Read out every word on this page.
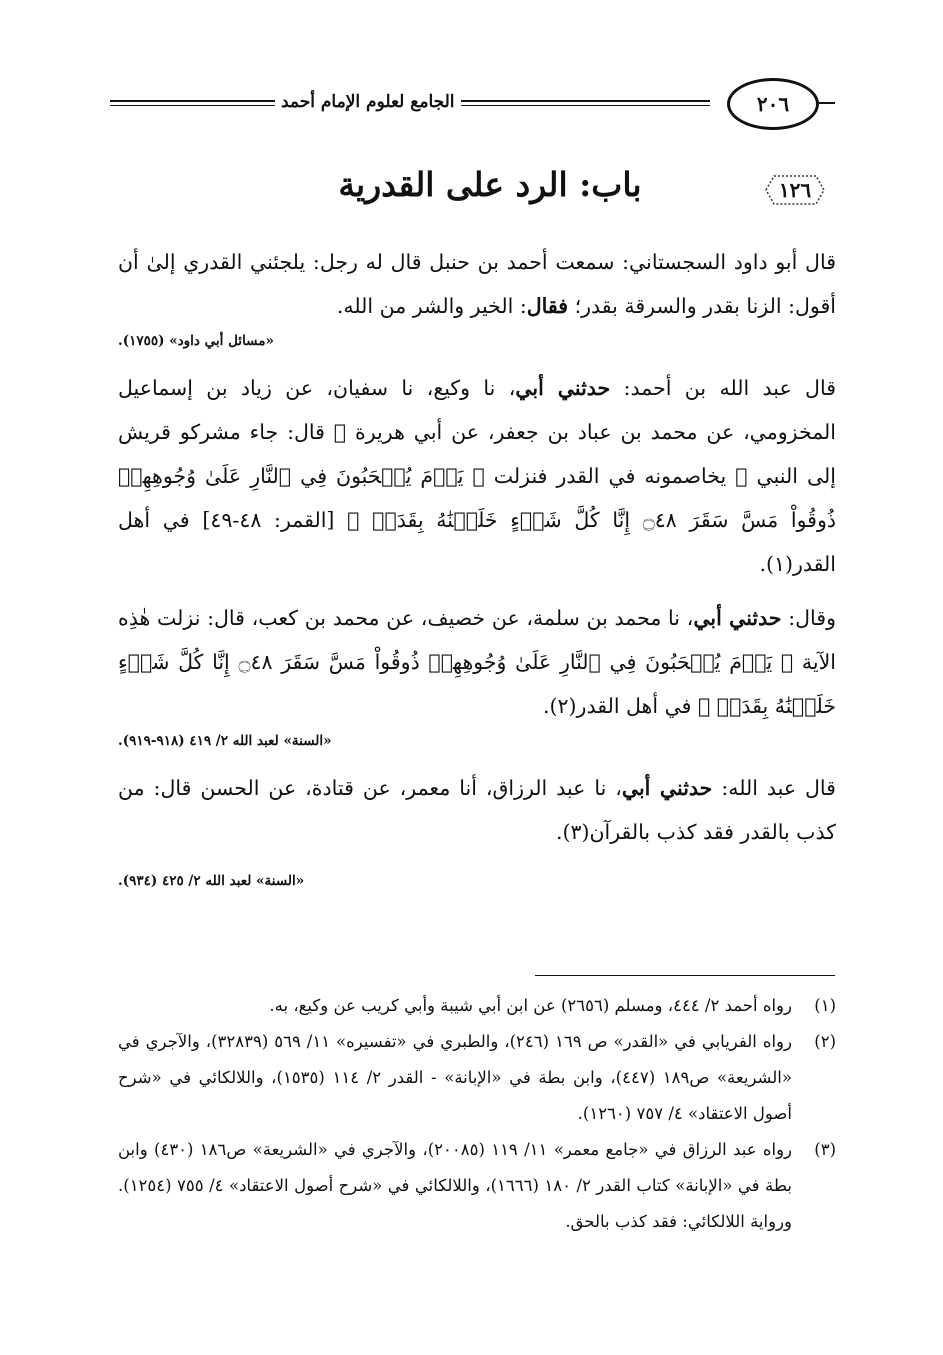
الجامع لعلوم الإمام أحمد	٢٠٦
١٢٦
باب: الرد على القدرية

قال أبو داود السجستاني: سمعت أحمد بن حنبل قال له رجل: يلجئني القدري إلىٰ أن أقول: الزنا بقدر والسرقة بقدر؛ فقال: الخير والشر من الله.

«مسائل أبي داود» (١٧٥٥).

قال عبد الله بن أحمد: حدثني أبي، نا وكيع، نا سفيان، عن زياد بن إسماعيل المخزومي، عن محمد بن عباد بن جعفر، عن أبي هريرة ﷺ قال: جاء مشركو قريش إلى النبي ﷺ يخاصمونه في القدر فنزلت ﴿ يَوۡمَ يُسۡحَبُونَ فِي ٱلنَّارِ عَلَىٰ وُجُوهِهِمۡ ذُوقُواْ مَسَّ سَقَرَ ۝٤٨ إِنَّا كُلَّ شَيۡءٍ خَلَقۡنَٰهُ بِقَدَرٖ ﴾ [القمر: ٤٨-٤٩] في أهل القدر(١).

وقال: حدثني أبي، نا محمد بن سلمة، عن خصيف، عن محمد بن كعب، قال: نزلت هٰذِه الآية ﴿ يَوۡمَ يُسۡحَبُونَ فِي ٱلنَّارِ عَلَىٰ وُجُوهِهِمۡ ذُوقُواْ مَسَّ سَقَرَ ۝٤٨ إِنَّا كُلَّ شَيۡءٍ خَلَقۡنَٰهُ بِقَدَرٖ ﴾ في أهل القدر(٢).

«السنة» لعبد الله ٢/ ٤١٩ (٩١٨-٩١٩).

قال عبد الله: حدثني أبي، نا عبد الرزاق، أنا معمر، عن قتادة، عن الحسن قال: من كذب بالقدر فقد كذب بالقرآن(٣).

«السنة» لعبد الله ٢/ ٤٢٥ (٩٣٤).

(١)
رواه أحمد ٢/ ٤٤٤، ومسلم (٢٦٥٦) عن ابن أبي شيبة وأبي كريب عن وكيع، به.

(٢)
رواه الفريابي في «القدر» ص ١٦٩ (٢٤٦)، والطبري في «تفسيره» ١١/ ٥٦٩ (٣٢٨٣٩)، والآجري في «الشريعة» ص١٨٩ (٤٤٧)، وابن بطة في «الإبانة» - القدر ٢/ ١١٤ (١٥٣٥)، واللالكائي في «شرح أصول الاعتقاد» ٤/ ٧٥٧ (١٢٦٠).

(٣)
رواه عبد الرزاق في «جامع معمر» ١١/ ١١٩ (٢٠٠٨٥)، والآجري في «الشريعة» ص١٨٦ (٤٣٠) وابن بطة في «الإبانة» كتاب القدر ٢/ ١٨٠ (١٦٦٦)، واللالكائي في «شرح أصول الاعتقاد» ٤/ ٧٥٥ (١٢٥٤). ورواية اللالكائي: فقد كذب بالحق.
